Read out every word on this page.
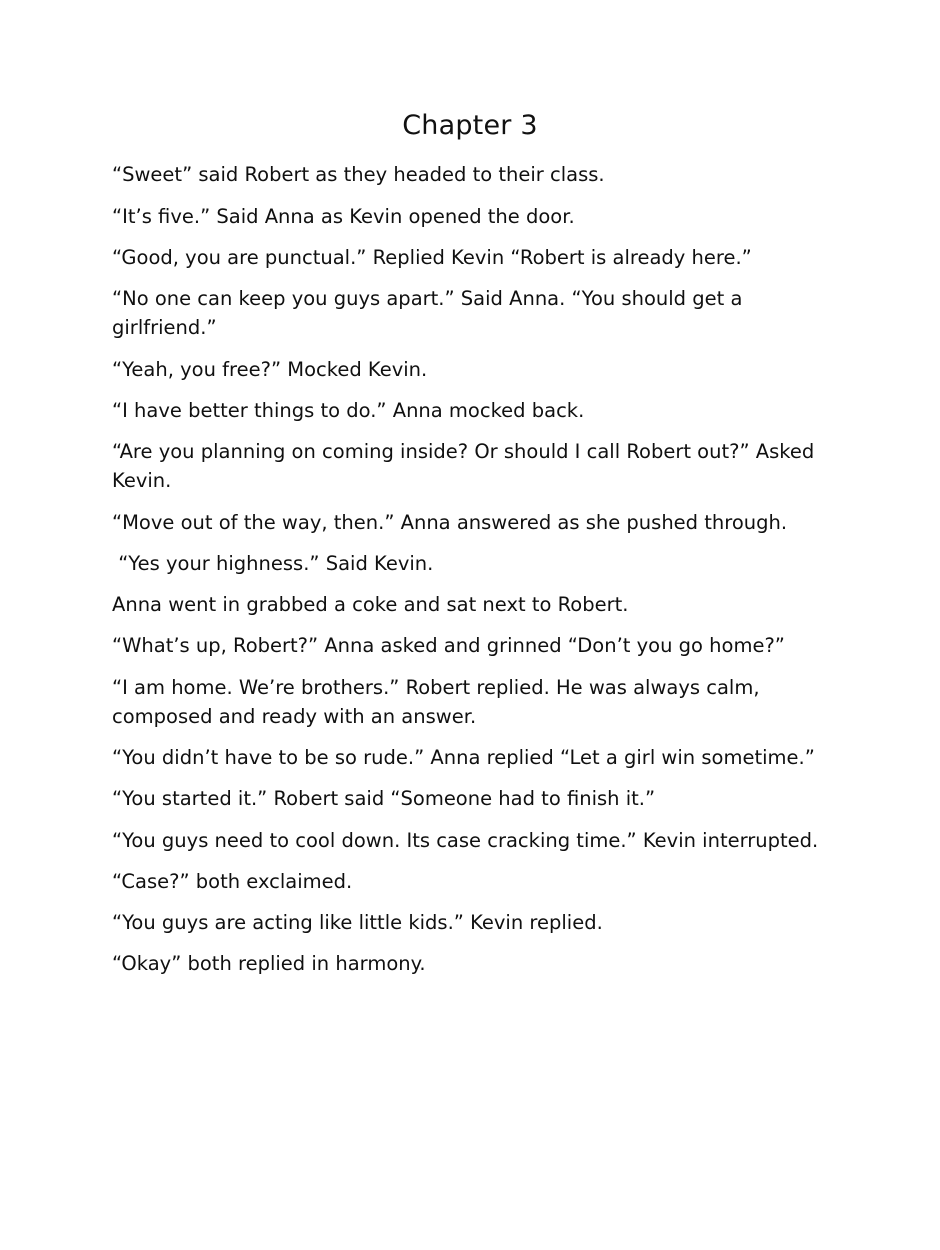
Chapter 3

“Sweet” said Robert as they headed to their class.

“It’s five.” Said Anna as Kevin opened the door.

“Good, you are punctual.” Replied Kevin “Robert is already here.”

“No one can keep you guys apart.” Said Anna. “You should get a girlfriend.”

“Yeah, you free?” Mocked Kevin.

“I have better things to do.” Anna mocked back.

“Are you planning on coming inside? Or should I call Robert out?” Asked Kevin.

“Move out of the way, then.” Anna answered as she pushed through.

“Yes your highness.” Said Kevin.

Anna went in grabbed a coke and sat next to Robert.

“What’s up, Robert?” Anna asked and grinned “Don’t you go home?”

“I am home. We’re brothers.” Robert replied. He was always calm, composed and ready with an answer.

“You didn’t have to be so rude.” Anna replied “Let a girl win sometime.”

“You started it.” Robert said “Someone had to finish it.”

“You guys need to cool down. Its case cracking time.” Kevin interrupted.

“Case?” both exclaimed.

“You guys are acting like little kids.” Kevin replied.

“Okay” both replied in harmony.
